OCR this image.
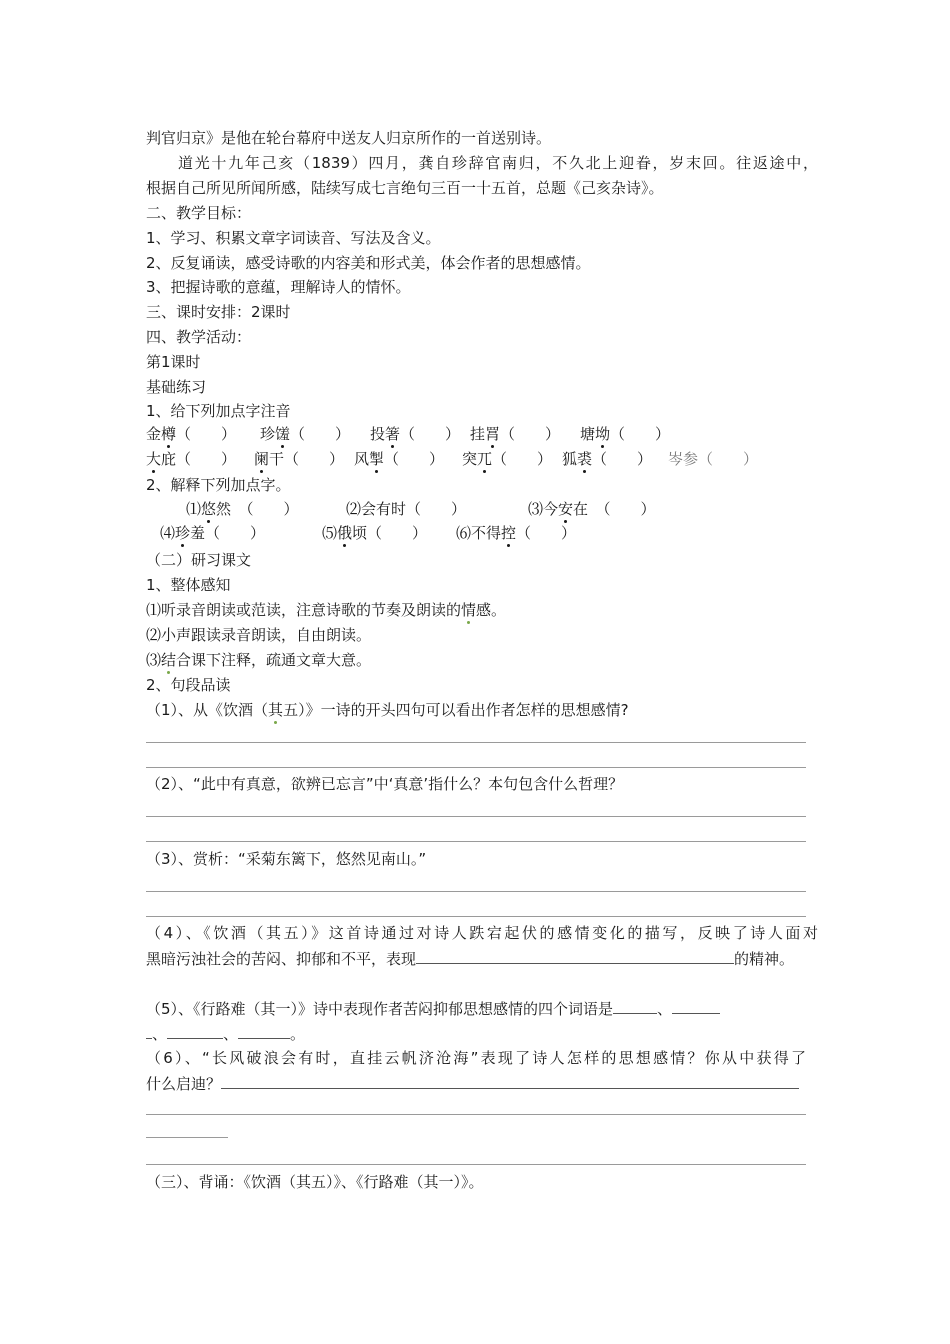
判官归京》是他在轮台幕府中送友人归京所作的一首送别诗。
道光十九年己亥（1839）四月，龚自珍辞官南归，不久北上迎眷，岁末回。往返途中，
根据自己所见所闻所感，陆续写成七言绝句三百一十五首，总题《己亥杂诗》。
二、教学目标：
1、学习、积累文章字词读音、写法及含义。
2、反复诵读，感受诗歌的内容美和形式美，体会作者的思想感情。
3、把握诗歌的意蕴，理解诗人的情怀。
三、课时安排：2课时
四、教学活动：
第1课时
基础练习
1、给下列加点字注音
金樽（　　） 珍馐（　　） 投箸（　　） 挂罥（　　） 塘坳（　　）
大庇（　　） 阑干（　　） 风掣（　　） 突兀（　　） 狐裘（　　） 岑参（　　）
2、解释下列加点字。
⑴悠然　（　　）	⑵会有时（　　）	⑶今安在　（　　）
⑷珍羞（　　）	⑸俄顷（　　） ⑹不得控（　　）
（二）研习课文
1、整体感知
⑴听录音朗读或范读，注意诗歌的节奏及朗读的情感。
⑵小声跟读录音朗读，自由朗读。
⑶结合课下注释，疏通文章大意。
2、句段品读
（1）、从《饮酒（其五）》一诗的开头四句可以看出作者怎样的思想感情?
（2）、“此中有真意，欲辨已忘言”中‘真意’指什么？本句包含什么哲理？
（3）、赏析：“采菊东篱下，悠然见南山。”
（4）、《饮酒（其五）》这首诗通过对诗人跌宕起伏的感情变化的描写，反映了诗人面对
黑暗污浊社会的苦闷、抑郁和不平，表现	的精神。
（5）、《行路难（其一）》诗中表现作者苦闷抑郁思想感情的四个词语是	、
、	、	。
（6）、“长风破浪会有时，直挂云帆济沧海”表现了诗人怎样的思想感情？你从中获得了
什么启迪？
（三）、背诵：《饮酒（其五）》、《行路难（其一）》。
